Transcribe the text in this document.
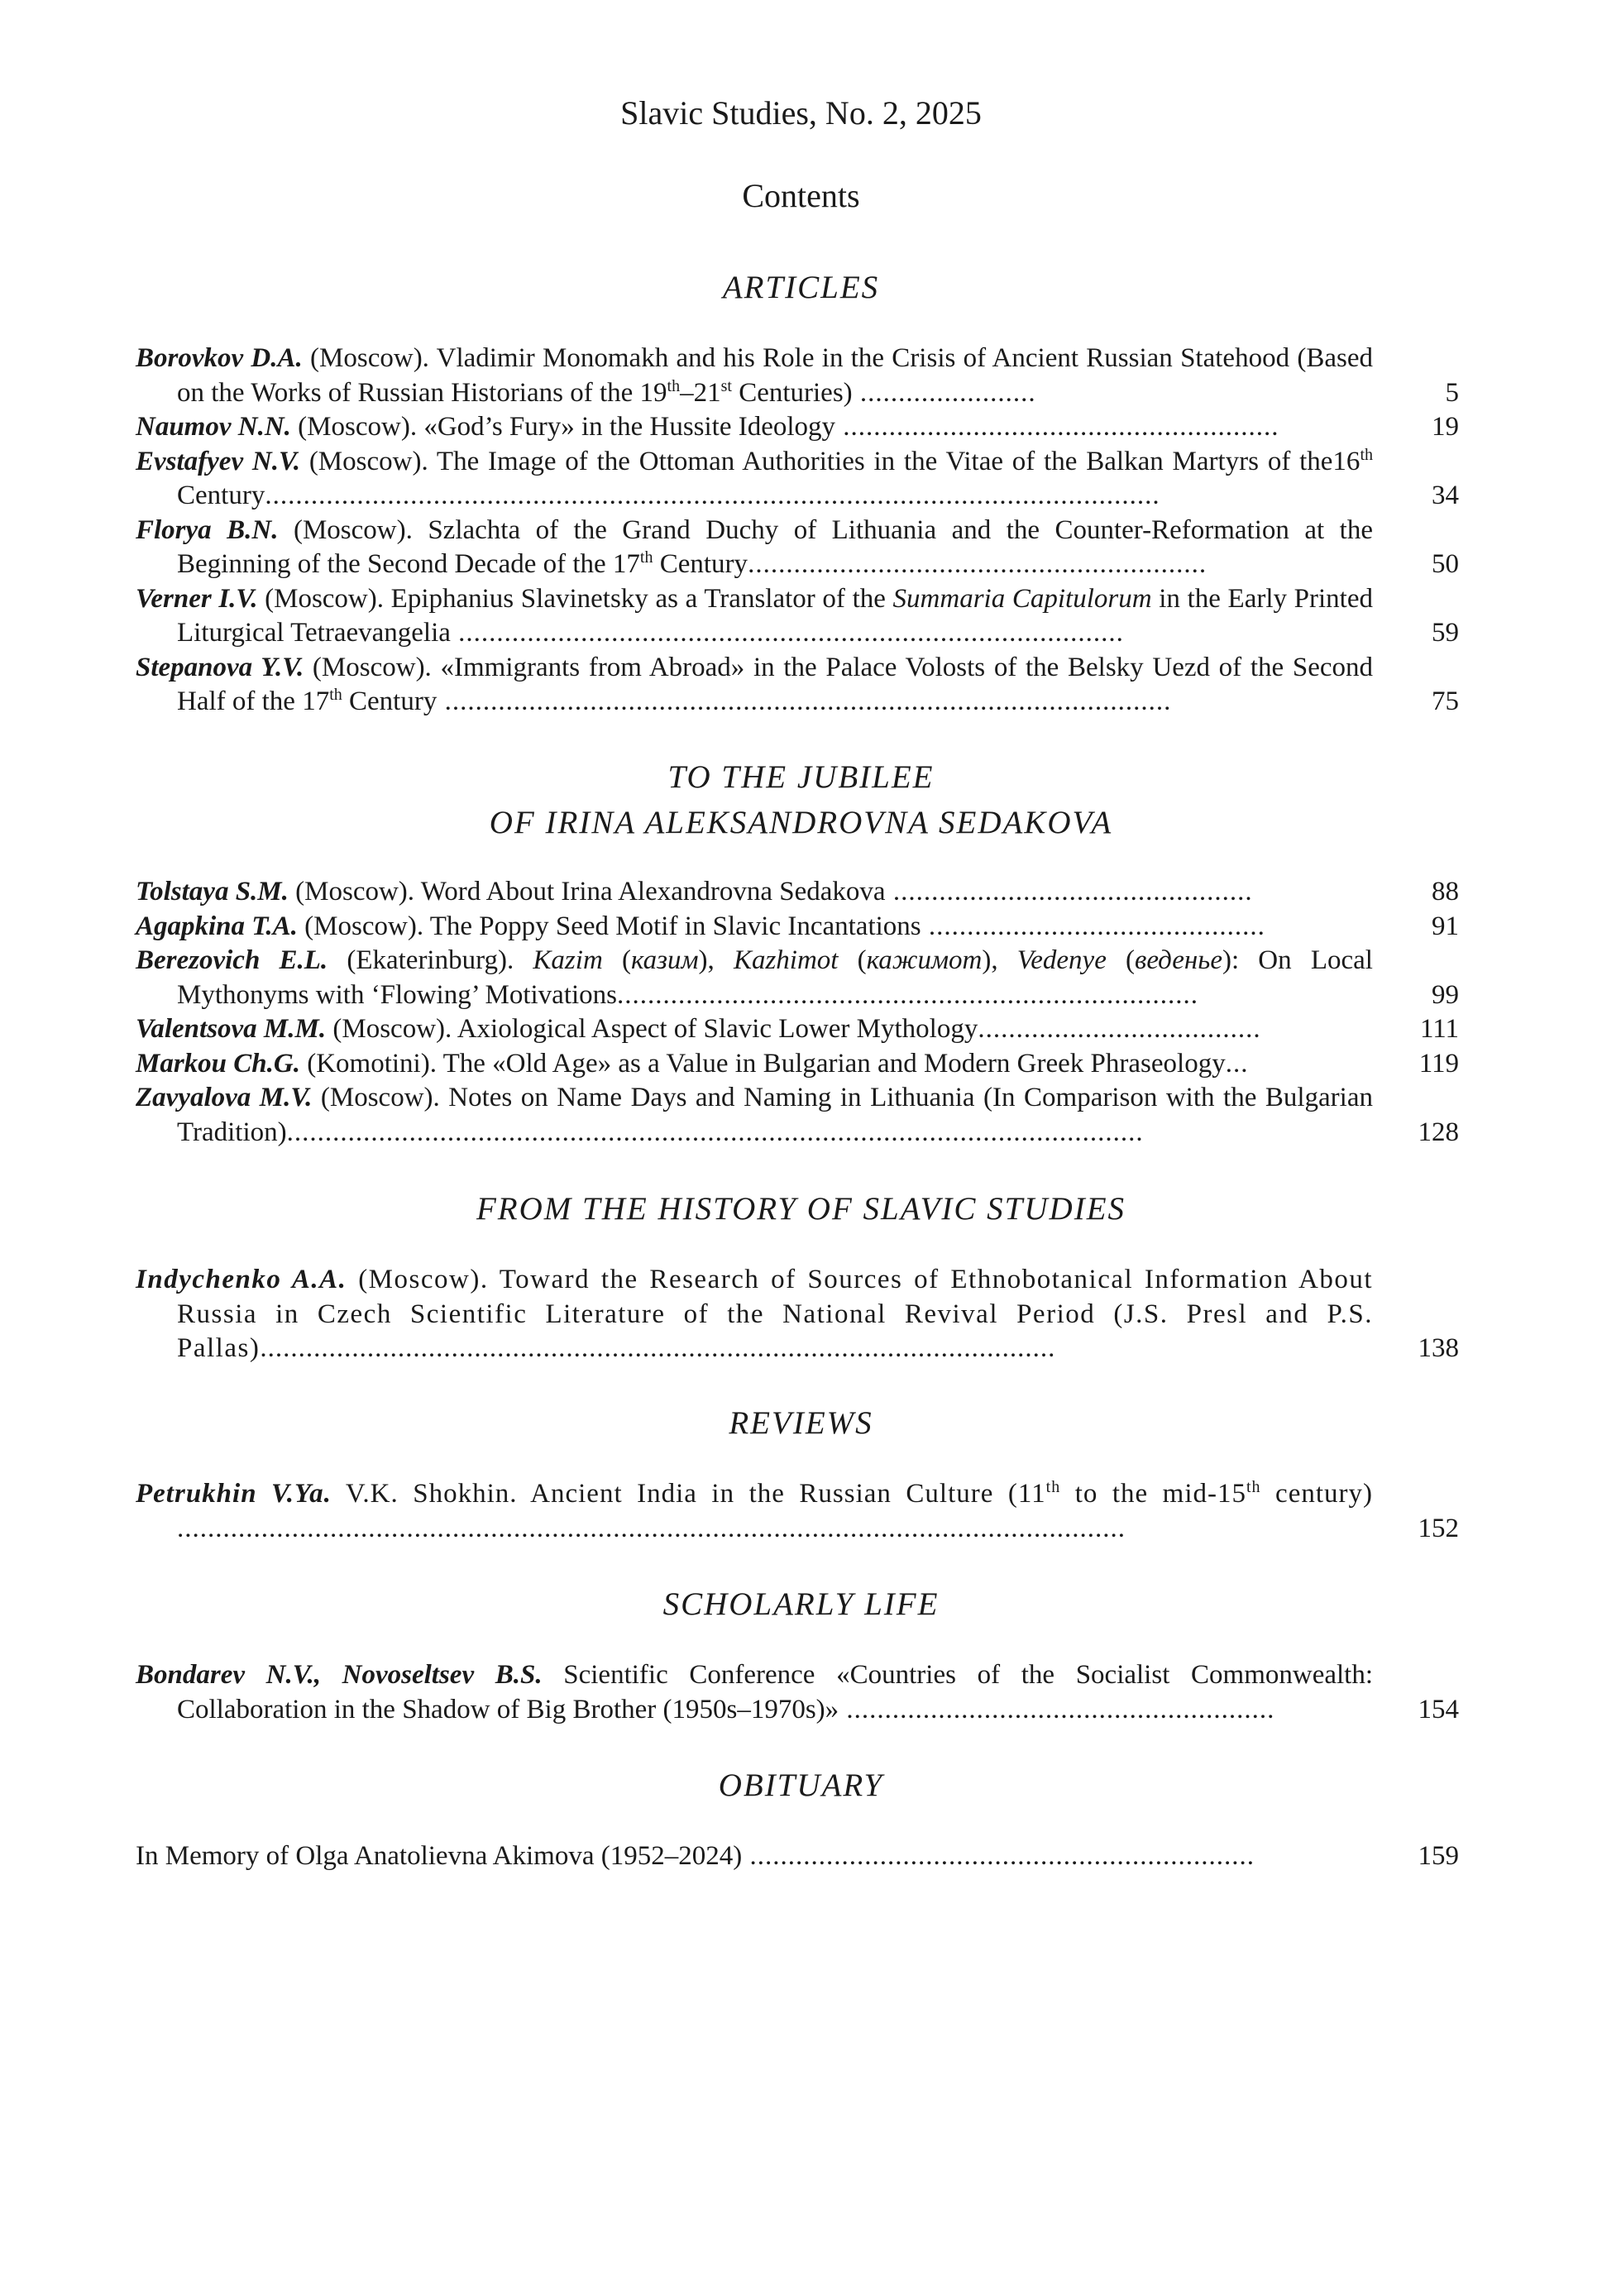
Slavic Studies, No. 2, 2025
Contents
ARTICLES
Borovkov D.A. (Moscow). Vladimir Monomakh and his Role in the Crisis of Ancient Russian Statehood (Based on the Works of Russian Historians of the 19th–21st Centuries) .......................	5
Naumov N.N. (Moscow). «God’s Fury» in the Hussite Ideology .........................................................	19
Evstafyev N.V. (Moscow). The Image of the Ottoman Authorities in the Vitae of the Balkan Martyrs of the16th Century.....................................................................................................................	34
Florya B.N. (Moscow). Szlachta of the Grand Duchy of Lithuania and the Counter-Reformation at the Beginning of the Second Decade of the 17th Century............................................................	50
Verner I.V. (Moscow). Epiphanius Slavinetsky as a Translator of the Summaria Capitulorum in the Early Printed Liturgical Tetraevangelia .......................................................................................	59
Stepanova Y.V. (Moscow). «Immigrants from Abroad» in the Palace Volosts of the Belsky Uezd of the Second Half of the 17th Century ...............................................................................................	75
TO THE JUBILEE
OF IRINA ALEKSANDROVNA SEDAKOVA
Tolstaya S.M. (Moscow). Word About Irina Alexandrovna Sedakova ...............................................	88
Agapkina T.A. (Moscow). The Poppy Seed Motif in Slavic Incantations ............................................	91
Berezovich E.L. (Ekaterinburg). Kazim (казим), Kazhimot (кажимот), Vedenye (веденье): On Local Mythonyms with ‘Flowing’ Motivations............................................................................	99
Valentsova M.M. (Moscow). Axiological Aspect of Slavic Lower Mythology.....................................	111
Markou Ch.G. (Komotini). The «Old Age» as a Value in Bulgarian and Modern Greek Phraseology...	119
Zavyalova M.V. (Moscow). Notes on Name Days and Naming in Lithuania (In Comparison with the Bulgarian Tradition)................................................................................................................	128
FROM THE HISTORY OF SLAVIC STUDIES
Indychenko A.A. (Moscow). Toward the Research of Sources of Ethnobotanical Information About Russia in Czech Scientific Literature of the National Revival Period (J.S. Presl and P.S. Pallas)........................................................................................................	138
REVIEWS
Petrukhin V.Ya. V.K. Shokhin. Ancient India in the Russian Culture (11th to the mid-15th century) ............................................................................................................................	152
SCHOLARLY LIFE
Bondarev N.V., Novoseltsev B.S. Scientific Conference «Countries of the Socialist Commonwealth: Collaboration in the Shadow of Big Brother (1950s–1970s)» ........................................................	154
OBITUARY
In Memory of Olga Anatolievna Akimova (1952–2024) ..................................................................	159
